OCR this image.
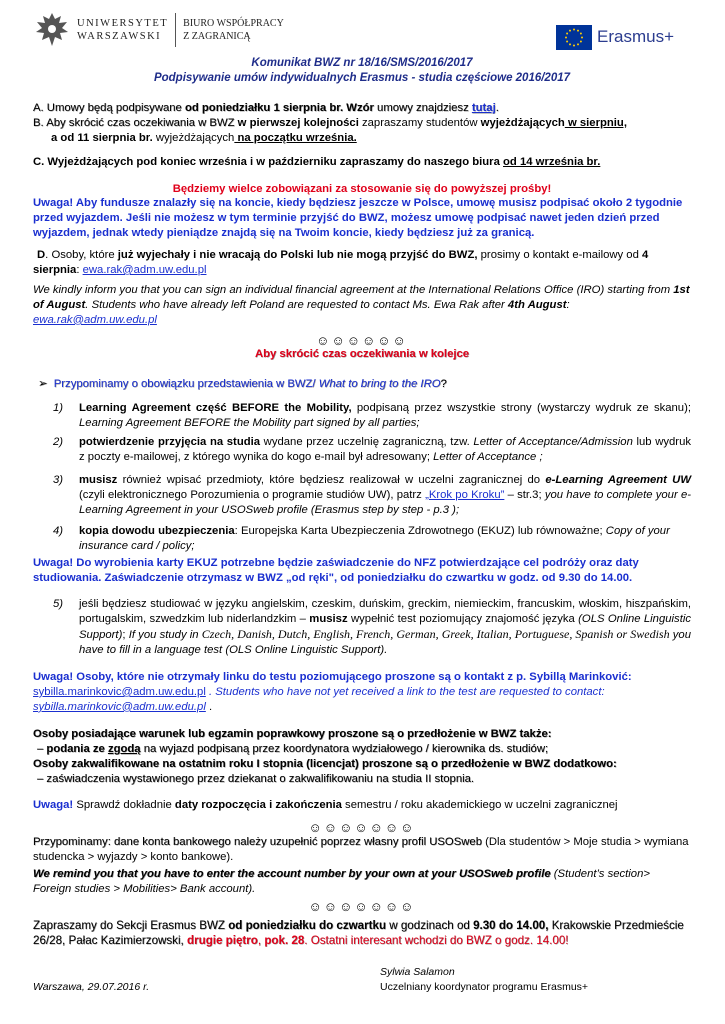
UNIWERSYTET
WARSZAWSKI
BIURO WSPÓŁPRACY
Z ZAGRANICĄ	Erasmus+
Komunikat BWZ nr 18/16/SMS/2016/2017
Podpisywanie umów indywidualnych Erasmus - studia częściowe 2016/2017
A. Umowy będą podpisywane od poniedziałku 1 sierpnia br. Wzór umowy znajdziesz tutaj.
B. Aby skrócić czas oczekiwania w BWZ w pierwszej kolejności zapraszamy studentów wyjeżdżających w sierpniu,
a od 11 sierpnia br. wyjeżdżających na początku września.
C. Wyjeżdżających pod koniec września i w październiku zapraszamy do naszego biura od 14 września br.
Będziemy wielce zobowiązani za stosowanie się do powyższej prośby!
Uwaga! Aby fundusze znalazły się na koncie, kiedy będziesz jeszcze w Polsce, umowę musisz podpisać około 2 tygodnie przed wyjazdem. Jeśli nie możesz w tym terminie przyjść do BWZ, możesz umowę podpisać nawet jeden dzień przed wyjazdem, jednak wtedy pieniądze znajdą się na Twoim koncie, kiedy będziesz już za granicą.
D. Osoby, które już wyjechały i nie wracają do Polski lub nie mogą przyjść do BWZ, prosimy o kontakt e-mailowy od 4 sierpnia: ewa.rak@adm.uw.edu.pl
We kindly inform you that you can sign an individual financial agreement at the International Relations Office (IRO) starting from 1st of August. Students who have already left Poland are requested to contact Ms. Ewa Rak after 4th August: ewa.rak@adm.uw.edu.pl
☺☺☺☺☺☺
Aby skrócić czas oczekiwania w kolejce
➢ Przypominamy o obowiązku przedstawienia w BWZ/ What to bring to the IRO?
1) Learning Agreement część BEFORE the Mobility, podpisaną przez wszystkie strony (wystarczy wydruk ze skanu); Learning Agreement BEFORE the Mobility part signed by all parties;
2) potwierdzenie przyjęcia na studia wydane przez uczelnię zagraniczną, tzw. Letter of Acceptance/Admission lub wydruk z poczty e-mailowej, z którego wynika do kogo e-mail był adresowany; Letter of Acceptance ;
3) musisz również wpisać przedmioty, które będziesz realizował w uczelni zagranicznej do e-Learning Agreement UW (czyli elektronicznego Porozumienia o programie studiów UW), patrz „Krok po Kroku” – str.3; you have to complete your e-Learning Agreement in your USOSweb profile (Erasmus step by step - p.3 );
4) kopia dowodu ubezpieczenia: Europejska Karta Ubezpieczenia Zdrowotnego (EKUZ) lub równoważne; Copy of your insurance card / policy;
Uwaga! Do wyrobienia karty EKUZ potrzebne będzie zaświadczenie do NFZ potwierdzające cel podróży oraz daty studiowania. Zaświadczenie otrzymasz w BWZ „od ręki", od poniedziałku do czwartku w godz. od 9.30 do 14.00.
5) jeśli będziesz studiować w języku angielskim, czeskim, duńskim, greckim, niemieckim, francuskim, włoskim, hiszpańskim, portugalskim, szwedzkim lub niderlandzkim – musisz wypełnić test poziomujący znajomość języka (OLS Online Linguistic Support); If you study in Czech, Danish, Dutch, English, French, German, Greek, Italian, Portuguese, Spanish or Swedish you have to fill in a language test (OLS Online Linguistic Support).
Uwaga! Osoby, które nie otrzymały linku do testu poziomującego proszone są o kontakt z p. Sybillą Marinković: sybilla.marinkovic@adm.uw.edu.pl . Students who have not yet received a link to the test are requested to contact: sybilla.marinkovic@adm.uw.edu.pl .
Osoby posiadające warunek lub egzamin poprawkowy proszone są o przedłożenie w BWZ także:
– podania ze zgodą na wyjazd podpisaną przez koordynatora wydziałowego / kierownika ds. studiów;
Osoby zakwalifikowane na ostatnim roku I stopnia (licencjat) proszone są o przedłożenie w BWZ dodatkowo:
– zaświadczenia wystawionego przez dziekanat o zakwalifikowaniu na studia II stopnia.
Uwaga! Sprawdź dokładnie daty rozpoczęcia i zakończenia semestru / roku akademickiego w uczelni zagranicznej
☺☺☺☺☺☺☺
Przypominamy: dane konta bankowego należy uzupełnić poprzez własny profil USOSweb (Dla studentów > Moje studia > wymiana studencka > wyjazdy > konto bankowe).
We remind you that you have to enter the account number by your own at your USOSweb profile (Student’s section> Foreign studies > Mobilities> Bank account).
☺☺☺☺☺☺☺
Zapraszamy do Sekcji Erasmus BWZ od poniedziałku do czwartku w godzinach od 9.30 do 14.00, Krakowskie Przedmieście 26/28, Pałac Kazimierzowski, drugie piętro, pok. 28. Ostatni interesant wchodzi do BWZ o godz. 14.00!
Sylwia Salamon
Warszawa, 29.07.2016 r.	Uczelniany koordynator programu Erasmus+
